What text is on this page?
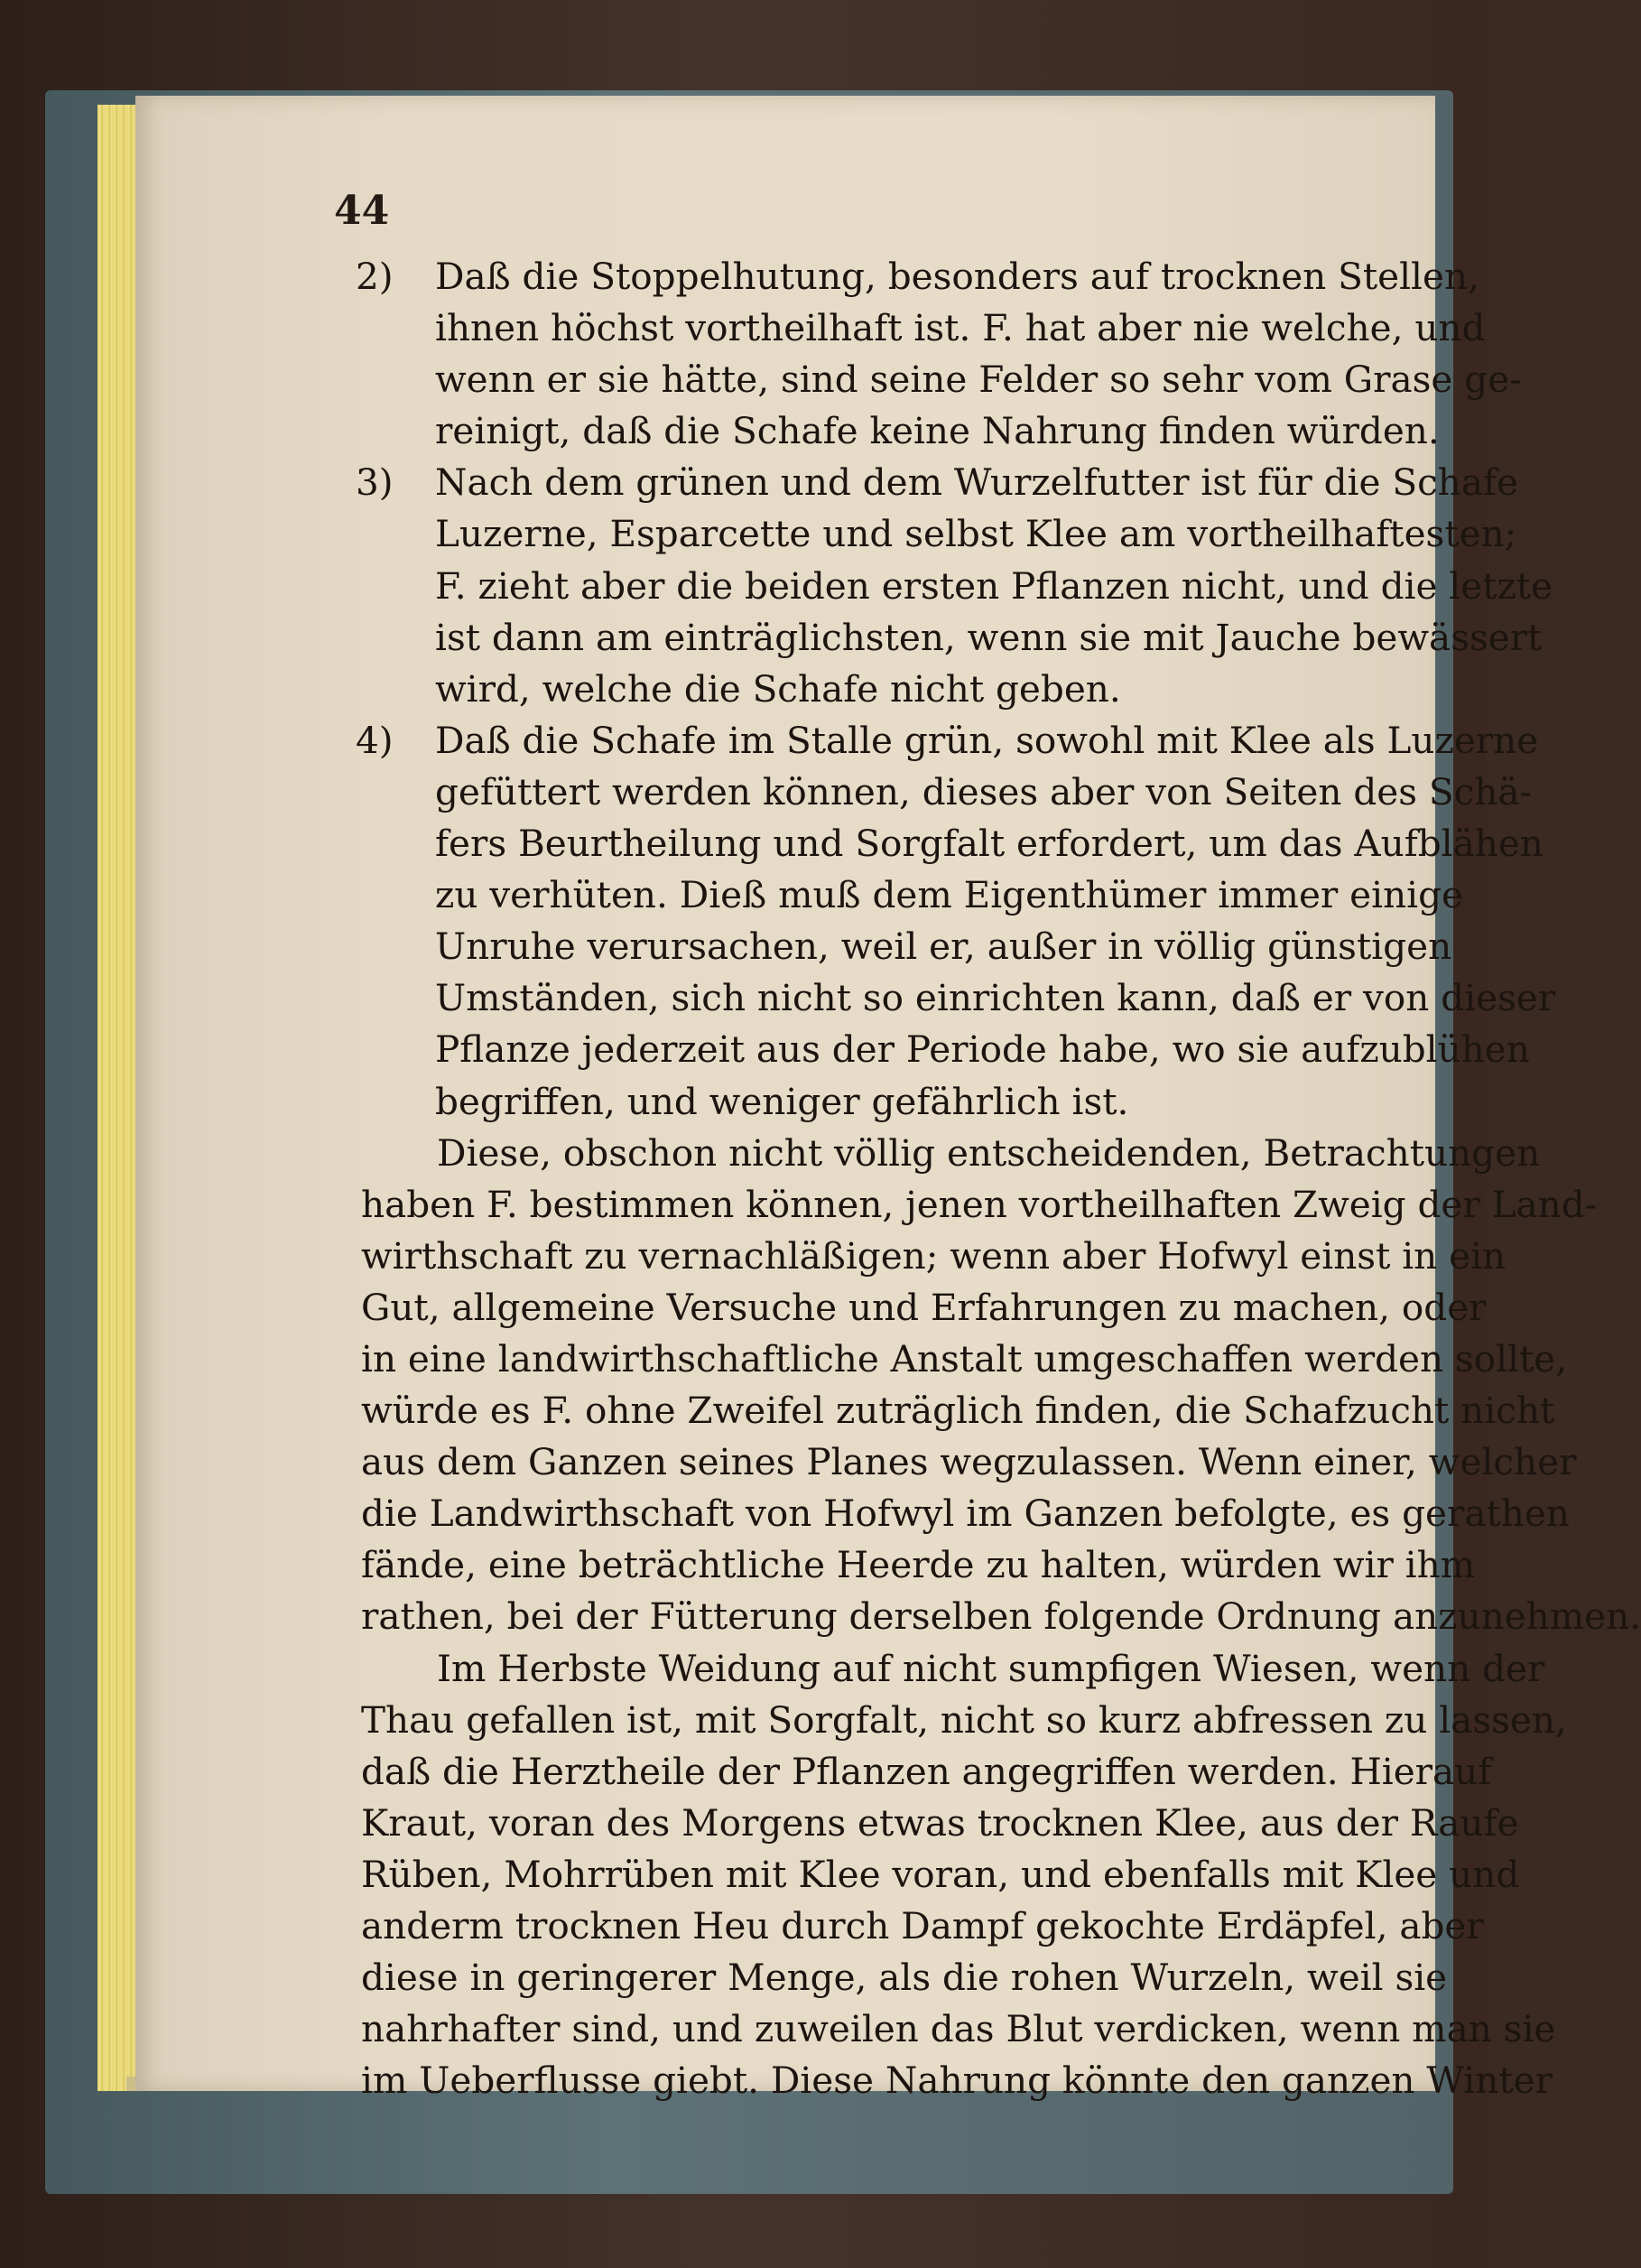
44
2) Daß die Stoppelhutung, besonders auf trocknen Stellen,
ihnen höchst vortheilhaft ist. F. hat aber nie welche, und
wenn er sie hätte, sind seine Felder so sehr vom Grase ge-
reinigt, daß die Schafe keine Nahrung finden würden.
3) Nach dem grünen und dem Wurzelfutter ist für die Schafe
Luzerne, Esparcette und selbst Klee am vortheilhaftesten;
F. zieht aber die beiden ersten Pflanzen nicht, und die letzte
ist dann am einträglichsten, wenn sie mit Jauche bewässert
wird, welche die Schafe nicht geben.
4) Daß die Schafe im Stalle grün, sowohl mit Klee als Luzerne
gefüttert werden können, dieses aber von Seiten des Schä-
fers Beurtheilung und Sorgfalt erfordert, um das Aufblähen
zu verhüten. Dieß muß dem Eigenthümer immer einige
Unruhe verursachen, weil er, außer in völlig günstigen
Umständen, sich nicht so einrichten kann, daß er von dieser
Pflanze jederzeit aus der Periode habe, wo sie aufzublühen
begriffen, und weniger gefährlich ist.
Diese, obschon nicht völlig entscheidenden, Betrachtungen
haben F. bestimmen können, jenen vortheilhaften Zweig der Land-
wirthschaft zu vernachläßigen; wenn aber Hofwyl einst in ein
Gut, allgemeine Versuche und Erfahrungen zu machen, oder
in eine landwirthschaftliche Anstalt umgeschaffen werden sollte,
würde es F. ohne Zweifel zuträglich finden, die Schafzucht nicht
aus dem Ganzen seines Planes wegzulassen. Wenn einer, welcher
die Landwirthschaft von Hofwyl im Ganzen befolgte, es gerathen
fände, eine beträchtliche Heerde zu halten, würden wir ihm
rathen, bei der Fütterung derselben folgende Ordnung anzunehmen.
Im Herbste Weidung auf nicht sumpfigen Wiesen, wenn der
Thau gefallen ist, mit Sorgfalt, nicht so kurz abfressen zu lassen,
daß die Herztheile der Pflanzen angegriffen werden. Hierauf
Kraut, voran des Morgens etwas trocknen Klee, aus der Raufe
Rüben, Mohrrüben mit Klee voran, und ebenfalls mit Klee und
anderm trocknen Heu durch Dampf gekochte Erdäpfel, aber
diese in geringerer Menge, als die rohen Wurzeln, weil sie
nahrhafter sind, und zuweilen das Blut verdicken, wenn man sie
im Ueberflusse giebt. Diese Nahrung könnte den ganzen Winter
